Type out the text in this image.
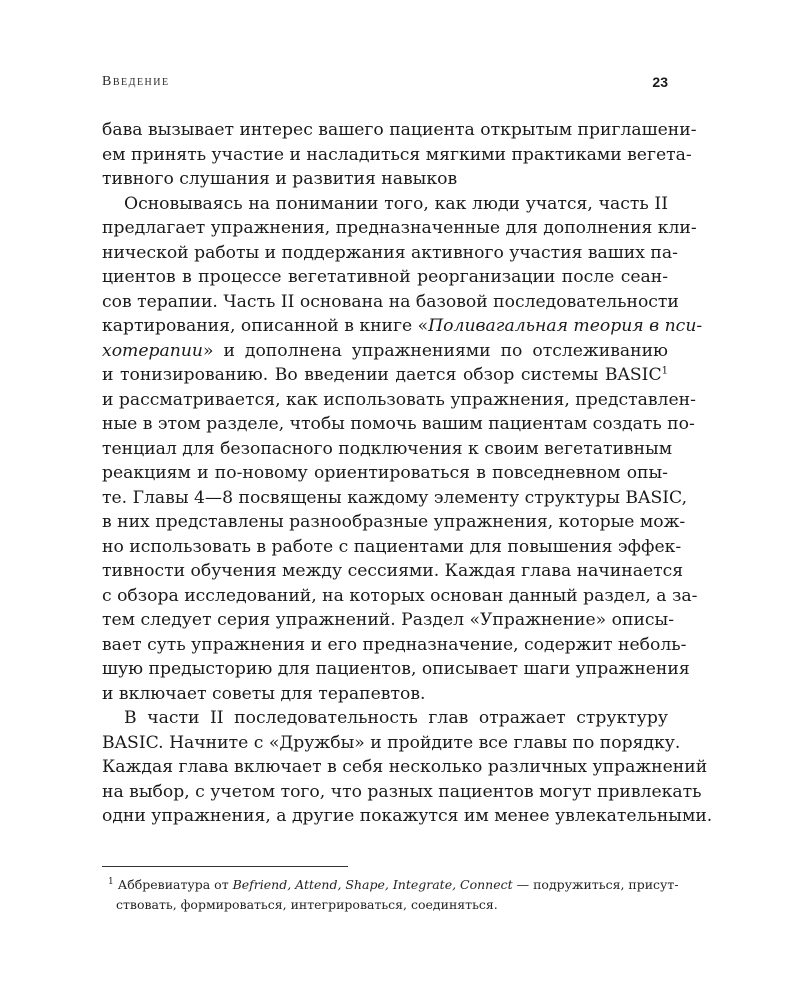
Введение	23
бава вызывает интерес вашего пациента открытым приглашени-
ем принять участие и насладиться мягкими практиками вегета-
тивного слушания и развития навыков
Основываясь на понимании того, как люди учатся, часть II
предлагает упражнения, предназначенные для дополнения кли-
нической работы и поддержания активного участия ваших па-
циентов в процессе вегетативной реорганизации после сеан-
сов терапии. Часть II основана на базовой последовательности
картирования, описанной в книге «Поливагальная теория в пси-
хотерапии» и дополнена упражнениями по отслеживанию
и тонизированию. Во введении дается обзор системы BASIC$^1$
и рассматривается, как использовать упражнения, представлен-
ные в этом разделе, чтобы помочь вашим пациентам создать по-
тенциал для безопасного подключения к своим вегетативным
реакциям и по-новому ориентироваться в повседневном опы-
те. Главы 4—8 посвящены каждому элементу структуры BASIC,
в них представлены разнообразные упражнения, которые мож-
но использовать в работе с пациентами для повышения эффек-
тивности обучения между сессиями. Каждая глава начинается
с обзора исследований, на которых основан данный раздел, а за-
тем следует серия упражнений. Раздел «Упражнение» описы-
вает суть упражнения и его предназначение, содержит неболь-
шую предысторию для пациентов, описывает шаги упражнения
и включает советы для терапевтов.
В части II последовательность глав отражает структуру
BASIC. Начните с «Дружбы» и пройдите все главы по порядку.
Каждая глава включает в себя несколько различных упражнений
на выбор, с учетом того, что разных пациентов могут привлекать
одни упражнения, а другие покажутся им менее увлекательными.
$^1$ Аббревиатура от Befriend, Attend, Shape, Integrate, Connect — подружиться, присут-
ствовать, формироваться, интегрироваться, соединяться.
